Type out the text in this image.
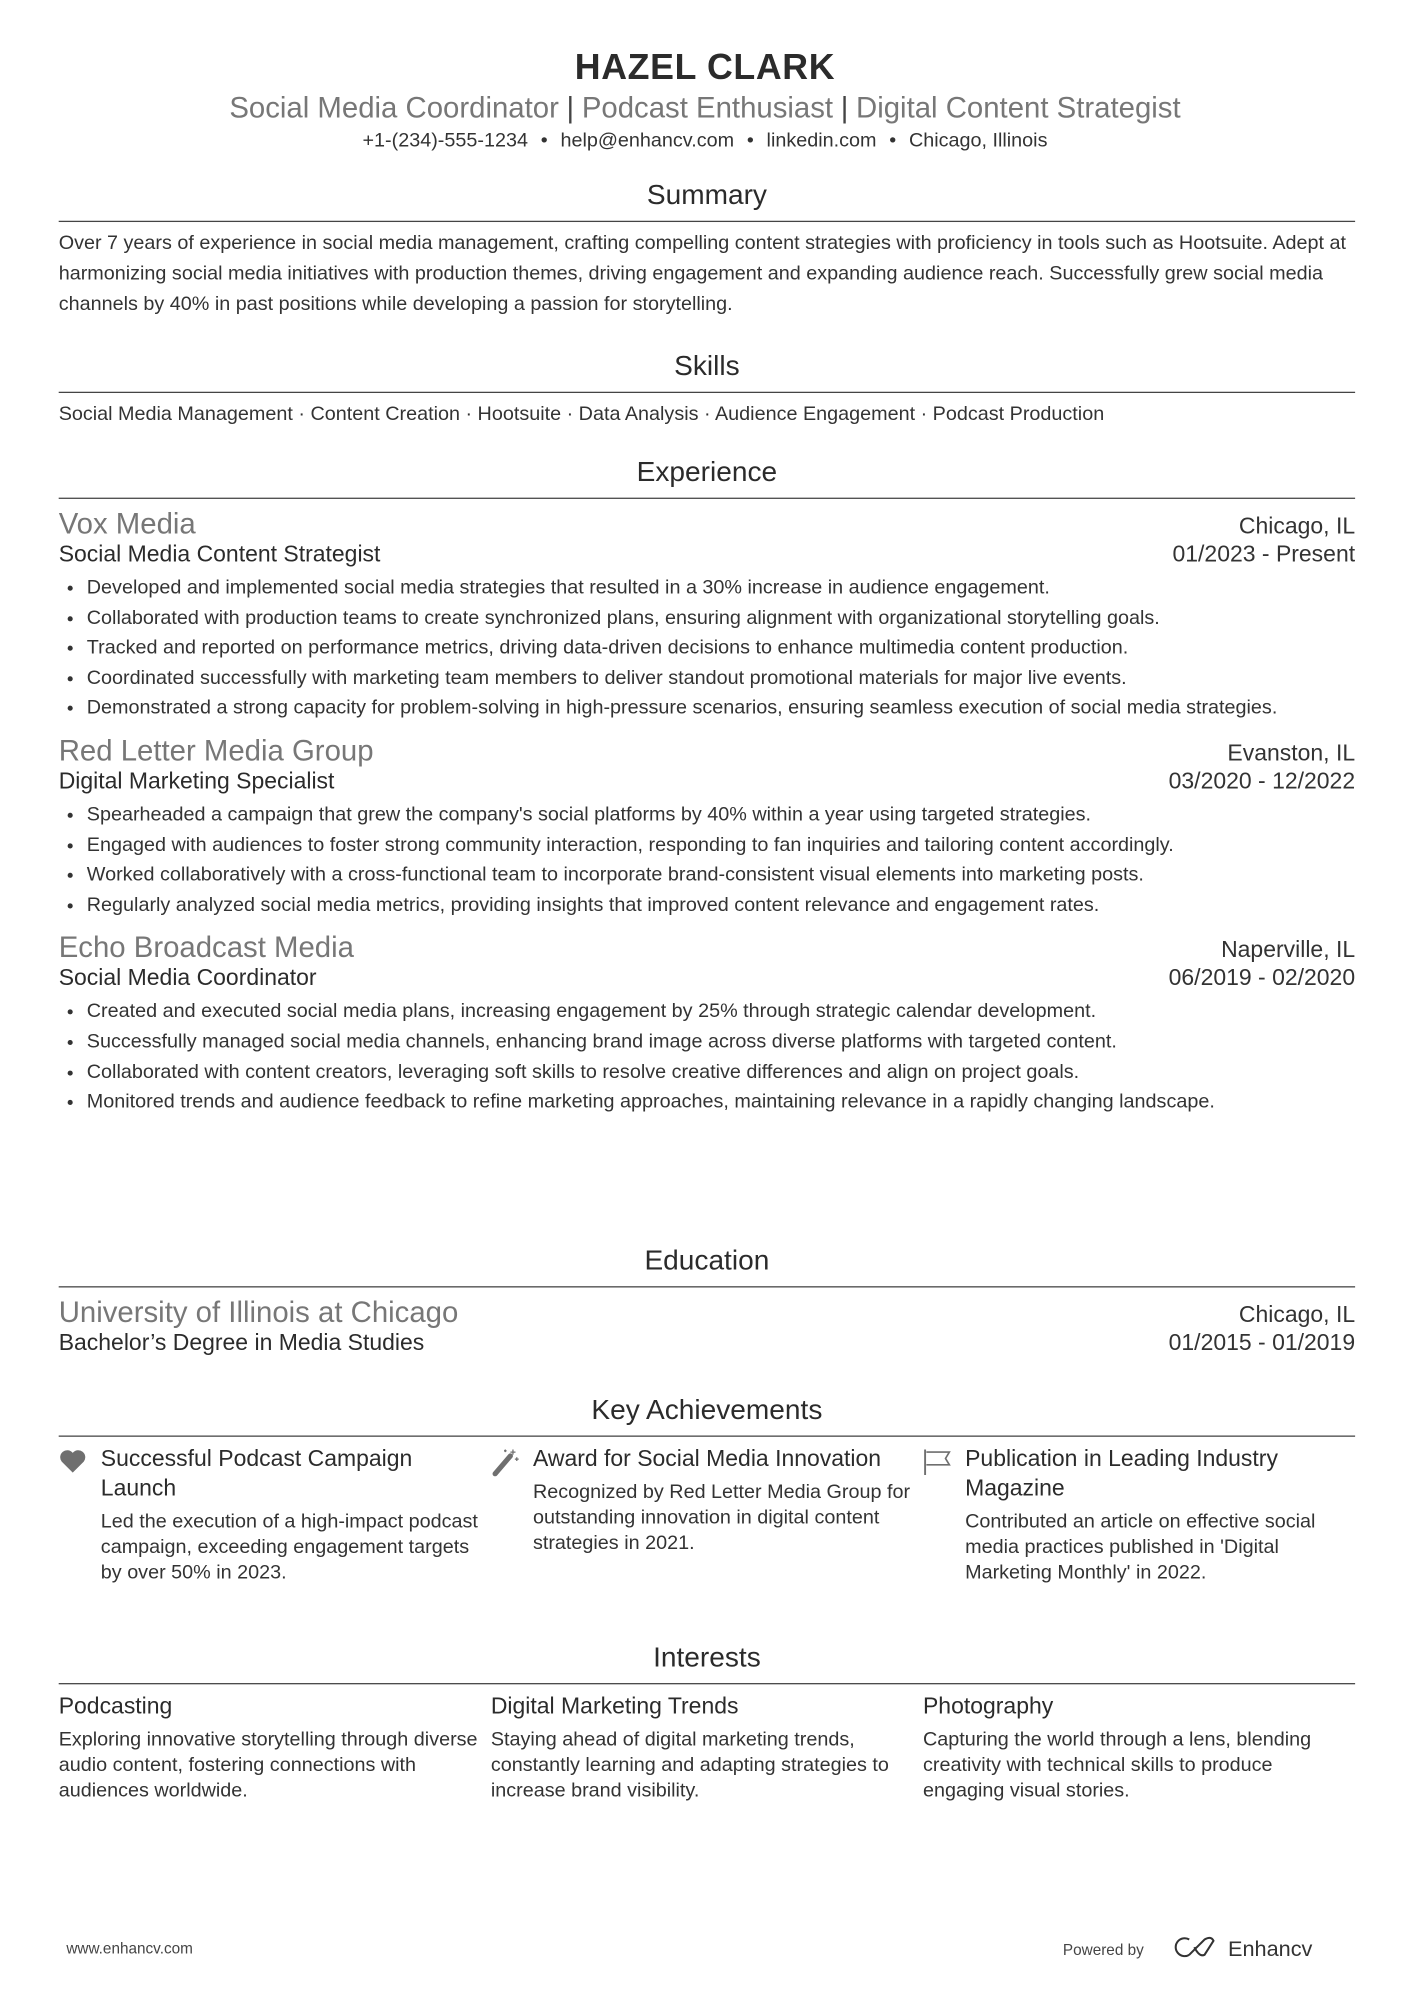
HAZEL CLARK
Social Media Coordinator | Podcast Enthusiast | Digital Content Strategist
+1-(234)-555-1234 • help@enhancv.com • linkedin.com • Chicago, Illinois
Summary
Over 7 years of experience in social media management, crafting compelling content strategies with proficiency in tools such as Hootsuite. Adept at harmonizing social media initiatives with production themes, driving engagement and expanding audience reach. Successfully grew social media channels by 40% in past positions while developing a passion for storytelling.
Skills
Social Media Management · Content Creation · Hootsuite · Data Analysis · Audience Engagement · Podcast Production
Experience
Vox Media	Chicago, IL
Social Media Content Strategist	01/2023 - Present
• Developed and implemented social media strategies that resulted in a 30% increase in audience engagement.
• Collaborated with production teams to create synchronized plans, ensuring alignment with organizational storytelling goals.
• Tracked and reported on performance metrics, driving data-driven decisions to enhance multimedia content production.
• Coordinated successfully with marketing team members to deliver standout promotional materials for major live events.
• Demonstrated a strong capacity for problem-solving in high-pressure scenarios, ensuring seamless execution of social media strategies.
Red Letter Media Group	Evanston, IL
Digital Marketing Specialist	03/2020 - 12/2022
• Spearheaded a campaign that grew the company's social platforms by 40% within a year using targeted strategies.
• Engaged with audiences to foster strong community interaction, responding to fan inquiries and tailoring content accordingly.
• Worked collaboratively with a cross-functional team to incorporate brand-consistent visual elements into marketing posts.
• Regularly analyzed social media metrics, providing insights that improved content relevance and engagement rates.
Echo Broadcast Media	Naperville, IL
Social Media Coordinator	06/2019 - 02/2020
• Created and executed social media plans, increasing engagement by 25% through strategic calendar development.
• Successfully managed social media channels, enhancing brand image across diverse platforms with targeted content.
• Collaborated with content creators, leveraging soft skills to resolve creative differences and align on project goals.
• Monitored trends and audience feedback to refine marketing approaches, maintaining relevance in a rapidly changing landscape.
Education
University of Illinois at Chicago	Chicago, IL
Bachelor’s Degree in Media Studies	01/2015 - 01/2019
Key Achievements
Successful Podcast Campaign Launch
Led the execution of a high-impact podcast campaign, exceeding engagement targets by over 50% in 2023.
Award for Social Media Innovation
Recognized by Red Letter Media Group for outstanding innovation in digital content strategies in 2021.
Publication in Leading Industry Magazine
Contributed an article on effective social media practices published in 'Digital Marketing Monthly' in 2022.
Interests
Podcasting
Exploring innovative storytelling through diverse audio content, fostering connections with audiences worldwide.
Digital Marketing Trends
Staying ahead of digital marketing trends, constantly learning and adapting strategies to increase brand visibility.
Photography
Capturing the world through a lens, blending creativity with technical skills to produce engaging visual stories.
www.enhancv.com	Powered by	Enhancv
